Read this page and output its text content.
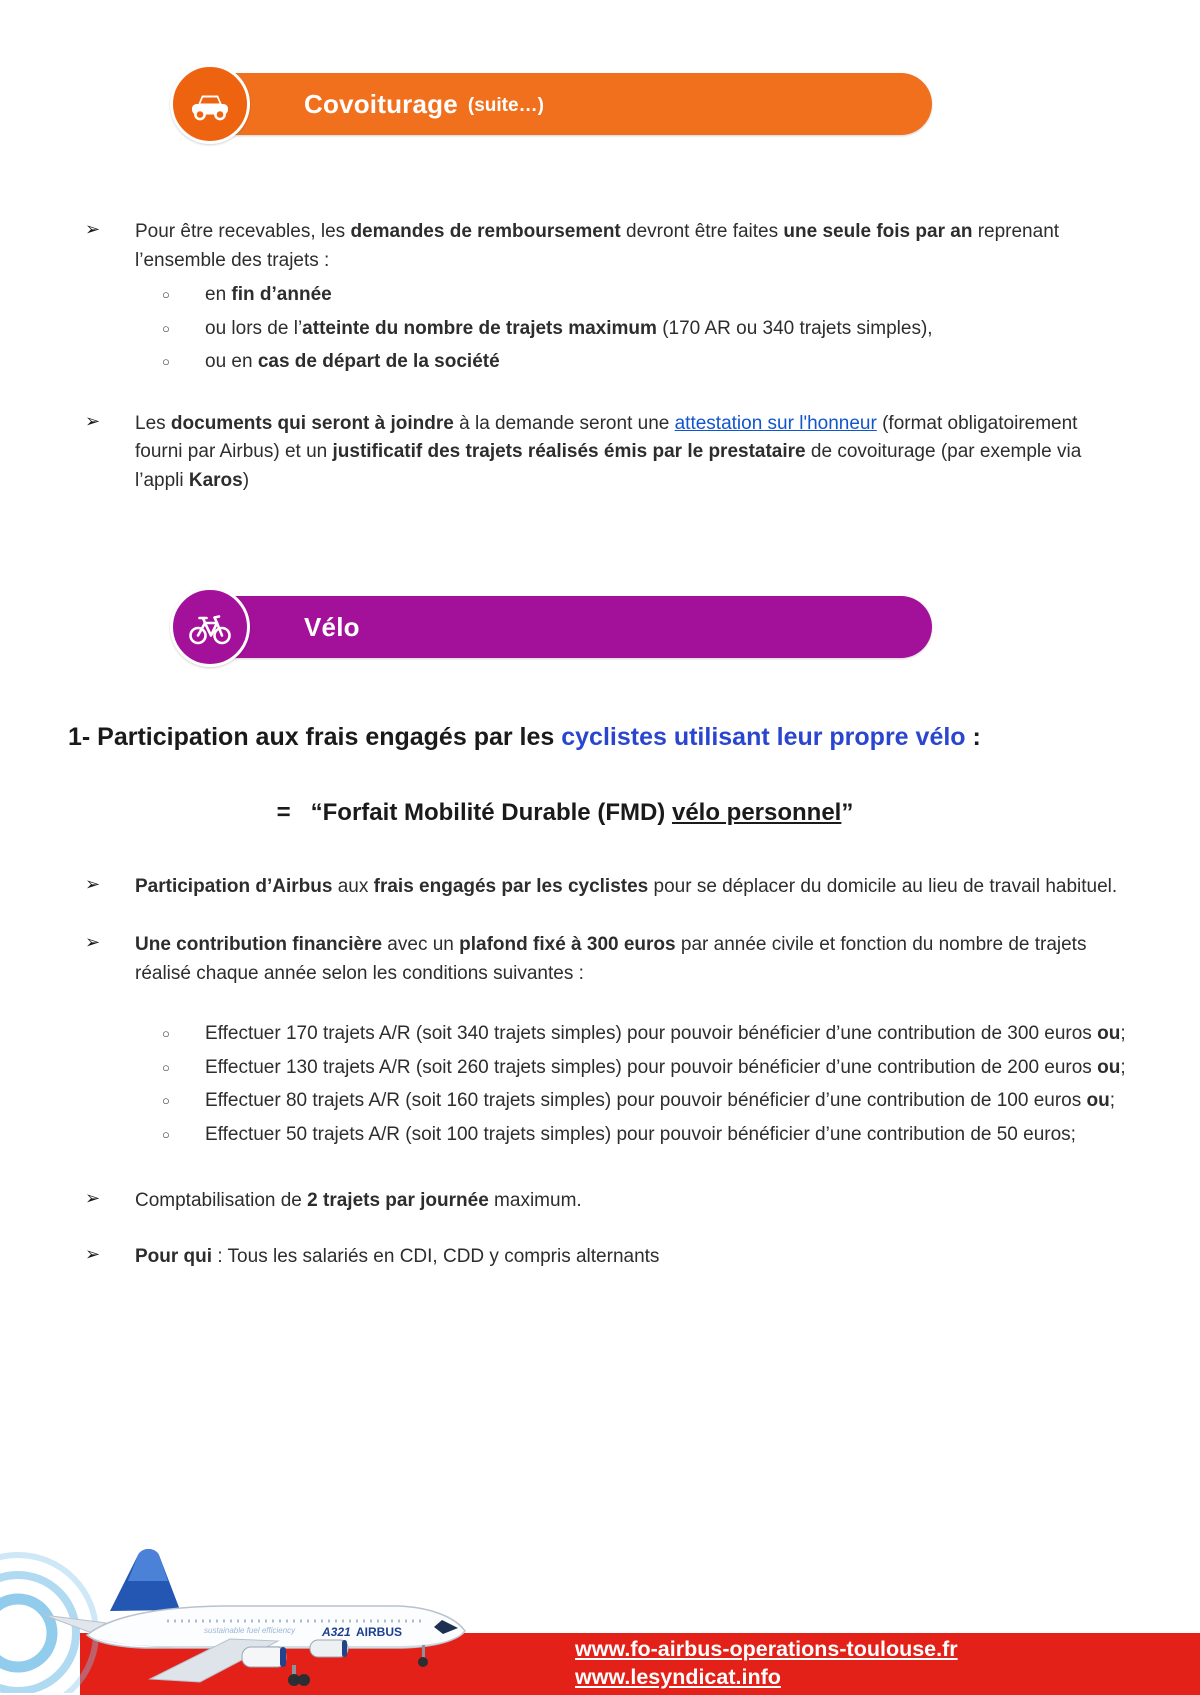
Covoiturage (suite…)
➢	Pour être recevables, les demandes de remboursement devront être faites une seule fois par an reprenant l’ensemble des trajets :

○	en fin d’année

○	ou lors de l’atteinte du nombre de trajets maximum (170 AR ou 340 trajets simples),

○	ou en cas de départ de la société

➢	Les documents qui seront à joindre à la demande seront une attestation sur l'honneur (format obligatoirement fourni par Airbus) et un justificatif des trajets réalisés émis par le prestataire de covoiturage (par exemple via l’appli Karos)

Vélo
1- Participation aux frais engagés par les cyclistes utilisant leur propre vélo :

=   “Forfait Mobilité Durable (FMD) vélo personnel”

➢	Participation d’Airbus aux frais engagés par les cyclistes pour se déplacer du domicile au lieu de travail habituel.

➢	Une contribution financière avec un plafond fixé à 300 euros par année civile et fonction du nombre de trajets réalisé chaque année selon les conditions suivantes :

○	Effectuer 170 trajets A/R (soit 340 trajets simples) pour pouvoir bénéficier d’une contribution de 300 euros ou;

○	Effectuer 130 trajets A/R (soit 260 trajets simples) pour pouvoir bénéficier d’une contribution de 200 euros ou;

○	Effectuer 80 trajets A/R (soit 160 trajets simples) pour pouvoir bénéficier d’une contribution de 100 euros ou;

○	Effectuer 50 trajets A/R (soit 100 trajets simples) pour pouvoir bénéficier d’une contribution de 50 euros;

➢	Comptabilisation de 2 trajets par journée maximum.

➢	Pour qui : Tous les salariés en CDI, CDD y compris alternants

sustainable fuel efficiency A321 AIRBUS
www.fo-airbus-operations-toulouse.fr
www.lesyndicat.info
